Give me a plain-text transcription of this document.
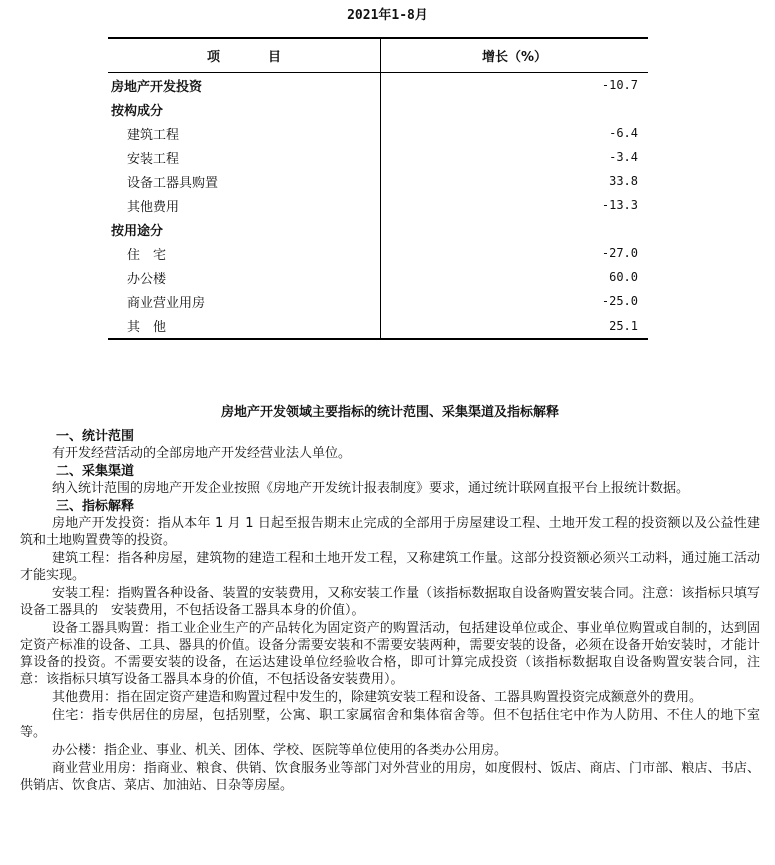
2021年1-8月
项 目	增长（%）
房地产开发投资	-10.7
按构成分	
建筑工程	-6.4
安装工程	-3.4
设备工器具购置	33.8
其他费用	-13.3
按用途分	
住　宅	-27.0
办公楼	60.0
商业营业用房	-25.0
其　他	25.1
房地产开发领域主要指标的统计范围、采集渠道及指标解释
一、统计范围

有开发经营活动的全部房地产开发经营业法人单位。

二、采集渠道

纳入统计范围的房地产开发企业按照《房地产开发统计报表制度》要求，通过统计联网直报平台上报统计数据。

三、指标解释

房地产开发投资：指从本年 1 月 1 日起至报告期末止完成的全部用于房屋建设工程、土地开发工程的投资额以及公益性建筑和土地购置费等的投资。

建筑工程：指各种房屋，建筑物的建造工程和土地开发工程，又称建筑工作量。这部分投资额必须兴工动料，通过施工活动才能实现。

安装工程：指购置各种设备、装置的安装费用，又称安装工作量（该指标数据取自设备购置安装合同。注意：该指标只填写设备工器具的　安装费用，不包括设备工器具本身的价值）。

设备工器具购置：指工业企业生产的产品转化为固定资产的购置活动，包括建设单位或企、事业单位购置或自制的，达到固定资产标准的设备、工具、器具的价值。设备分需要安装和不需要安装两种，需要安装的设备，必须在设备开始安装时，才能计算设备的投资。不需要安装的设备，在运达建设单位经验收合格，即可计算完成投资（该指标数据取自设备购置安装合同，注意：该指标只填写设备工器具本身的价值，不包括设备安装费用）。

其他费用：指在固定资产建造和购置过程中发生的，除建筑安装工程和设备、工器具购置投资完成额意外的费用。

住宅：指专供居住的房屋，包括别墅，公寓、职工家属宿舍和集体宿舍等。但不包括住宅中作为人防用、不住人的地下室等。

办公楼：指企业、事业、机关、团体、学校、医院等单位使用的各类办公用房。

商业营业用房：指商业、粮食、供销、饮食服务业等部门对外营业的用房，如度假村、饭店、商店、门市部、粮店、书店、供销店、饮食店、菜店、加油站、日杂等房屋。
